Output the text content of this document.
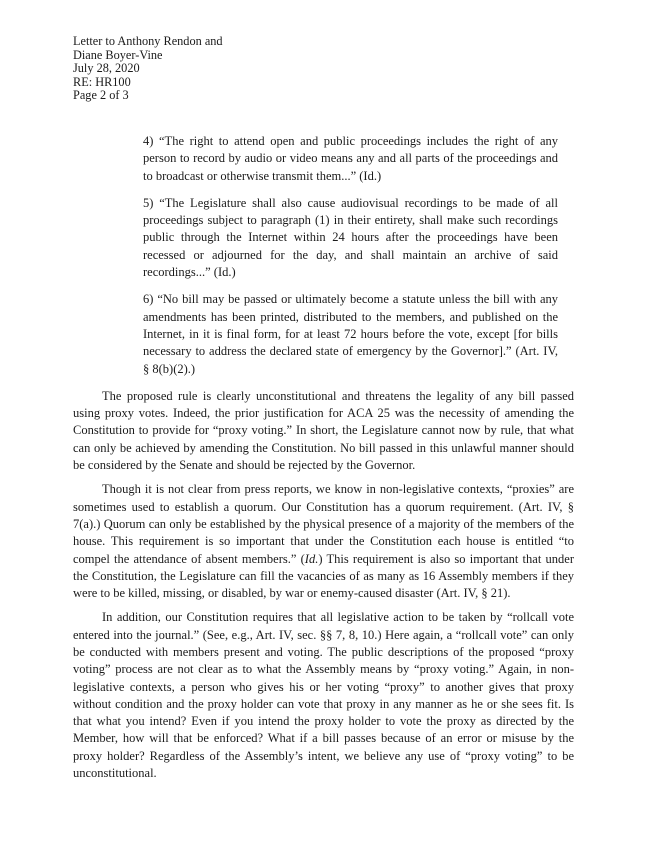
Letter to Anthony Rendon and
Diane Boyer-Vine
July 28, 2020
RE: HR100
Page 2 of 3

4) “The right to attend open and public proceedings includes the right of any person to record by audio or video means any and all parts of the proceedings and to broadcast or otherwise transmit them...” (Id.)

5) “The Legislature shall also cause audiovisual recordings to be made of all proceedings subject to paragraph (1) in their entirety, shall make such recordings public through the Internet within 24 hours after the proceedings have been recessed or adjourned for the day, and shall maintain an archive of said recordings...” (Id.)

6) “No bill may be passed or ultimately become a statute unless the bill with any amendments has been printed, distributed to the members, and published on the Internet, in it is final form, for at least 72 hours before the vote, except [for bills necessary to address the declared state of emergency by the Governor].” (Art. IV, § 8(b)(2).)

The proposed rule is clearly unconstitutional and threatens the legality of any bill passed using proxy votes. Indeed, the prior justification for ACA 25 was the necessity of amending the Constitution to provide for “proxy voting.” In short, the Legislature cannot now by rule, that what can only be achieved by amending the Constitution. No bill passed in this unlawful manner should be considered by the Senate and should be rejected by the Governor.

Though it is not clear from press reports, we know in non-legislative contexts, “proxies” are sometimes used to establish a quorum. Our Constitution has a quorum requirement. (Art. IV, § 7(a).) Quorum can only be established by the physical presence of a majority of the members of the house. This requirement is so important that under the Constitution each house is entitled “to compel the attendance of absent members.” (Id.) This requirement is also so important that under the Constitution, the Legislature can fill the vacancies of as many as 16 Assembly members if they were to be killed, missing, or disabled, by war or enemy-caused disaster (Art. IV, § 21).

In addition, our Constitution requires that all legislative action to be taken by “rollcall vote entered into the journal.” (See, e.g., Art. IV, sec. §§ 7, 8, 10.) Here again, a “rollcall vote” can only be conducted with members present and voting. The public descriptions of the proposed “proxy voting” process are not clear as to what the Assembly means by “proxy voting.” Again, in non-legislative contexts, a person who gives his or her voting “proxy” to another gives that proxy without condition and the proxy holder can vote that proxy in any manner as he or she sees fit. Is that what you intend? Even if you intend the proxy holder to vote the proxy as directed by the Member, how will that be enforced? What if a bill passes because of an error or misuse by the proxy holder? Regardless of the Assembly’s intent, we believe any use of “proxy voting” to be unconstitutional.
